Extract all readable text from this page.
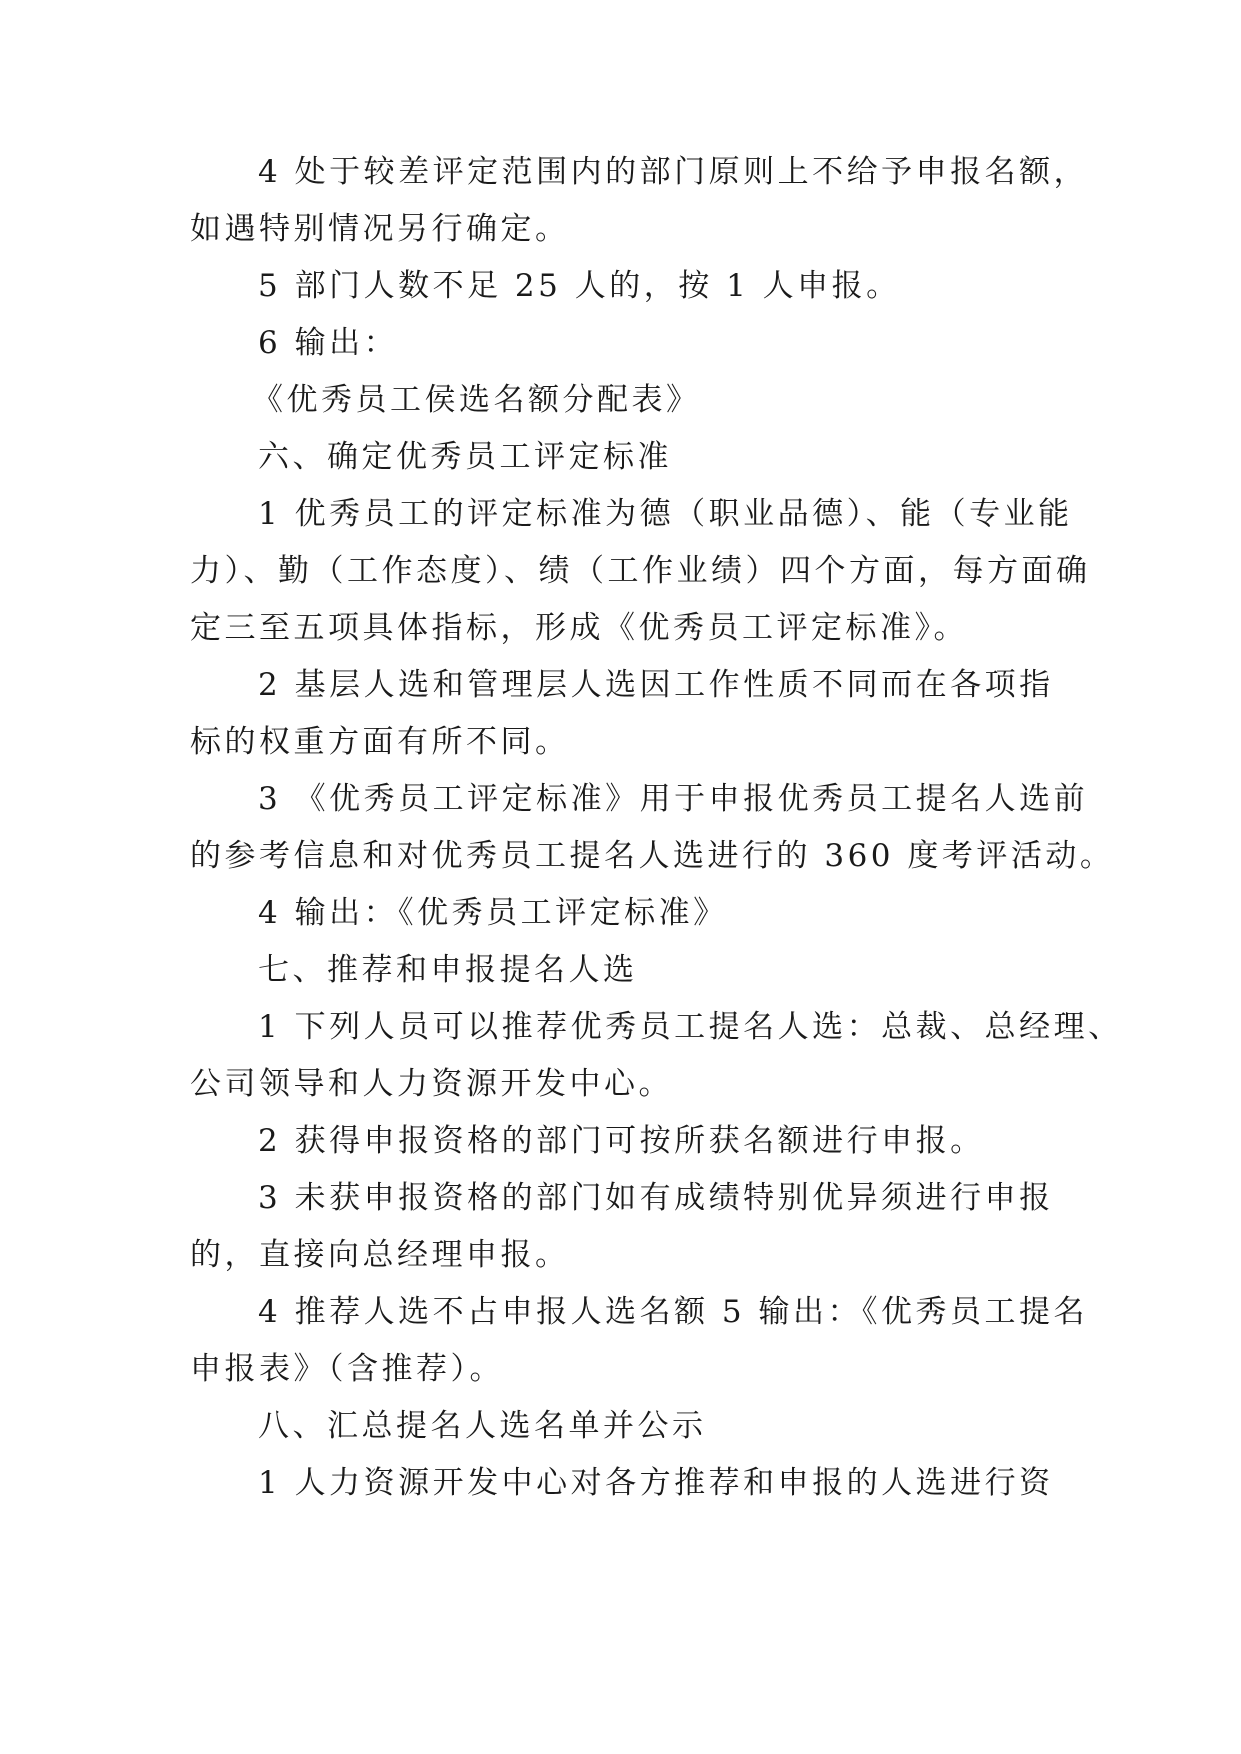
4 处于较差评定范围内的部门原则上不给予申报名额，
如遇特别情况另行确定。
5 部门人数不足 25 人的，按 1 人申报。
6 输出：
《优秀员工侯选名额分配表》
六、确定优秀员工评定标准
1 优秀员工的评定标准为德（职业品德）、能（专业能
力）、勤（工作态度）、绩（工作业绩）四个方面，每方面确
定三至五项具体指标，形成《优秀员工评定标准》。
2 基层人选和管理层人选因工作性质不同而在各项指
标的权重方面有所不同。
3 《优秀员工评定标准》用于申报优秀员工提名人选前
的参考信息和对优秀员工提名人选进行的 360 度考评活动。
4 输出：《优秀员工评定标准》
七、推荐和申报提名人选
1 下列人员可以推荐优秀员工提名人选：总裁、总经理、
公司领导和人力资源开发中心。
2 获得申报资格的部门可按所获名额进行申报。
3 未获申报资格的部门如有成绩特别优异须进行申报
的，直接向总经理申报。
4 推荐人选不占申报人选名额 5 输出：《优秀员工提名
申报表》（含推荐）。
八、汇总提名人选名单并公示
1 人力资源开发中心对各方推荐和申报的人选进行资
